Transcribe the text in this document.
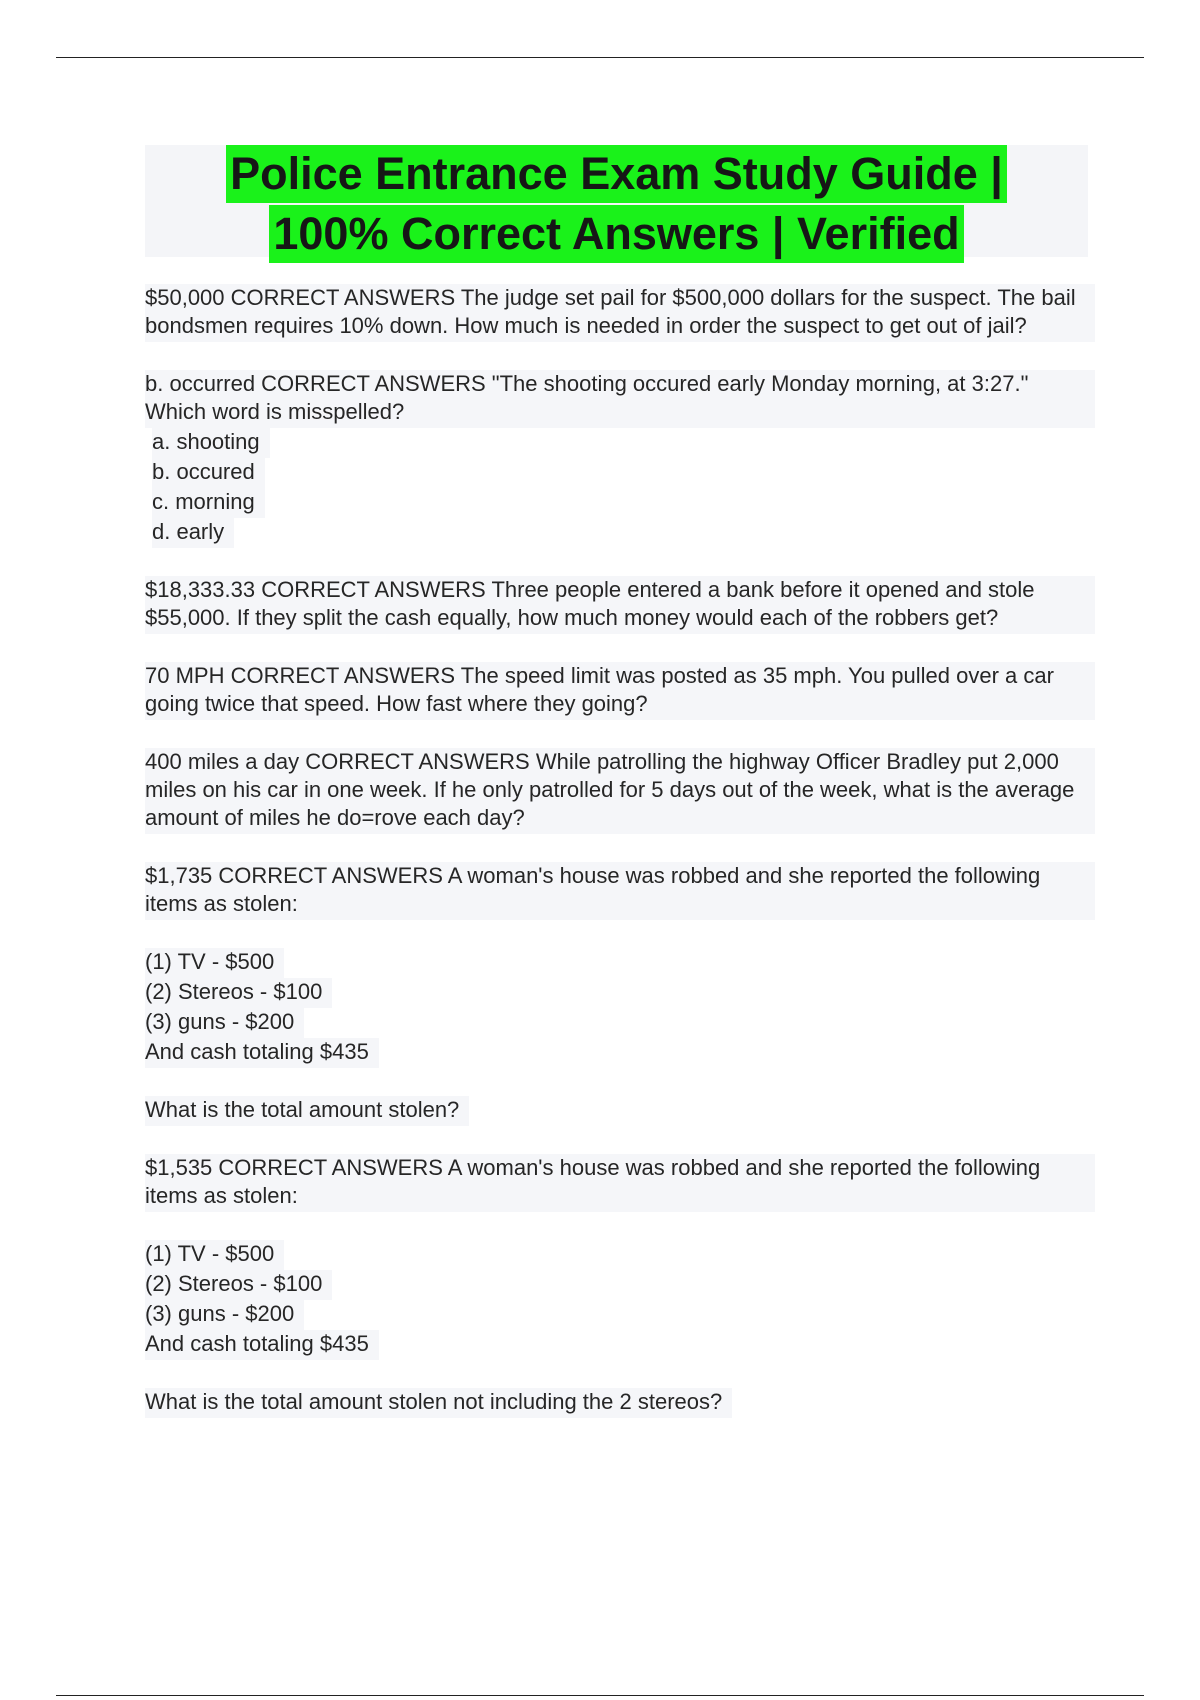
Police Entrance Exam Study Guide |
100% Correct Answers | Verified

$50,000 CORRECT ANSWERS The judge set pail for $500,000 dollars for the suspect. The bail bondsmen requires 10% down. How much is needed in order the suspect to get out of jail?

b. occurred CORRECT ANSWERS "The shooting occured early Monday morning, at 3:27." Which word is misspelled?

a. shooting
b. occured
c. morning
d. early

$18,333.33 CORRECT ANSWERS Three people entered a bank before it opened and stole $55,000. If they split the cash equally, how much money would each of the robbers get?

70 MPH CORRECT ANSWERS The speed limit was posted as 35 mph. You pulled over a car going twice that speed. How fast where they going?

400 miles a day CORRECT ANSWERS While patrolling the highway Officer Bradley put 2,000 miles on his car in one week. If he only patrolled for 5 days out of the week, what is the average amount of miles he do=rove each day?

$1,735 CORRECT ANSWERS A woman's house was robbed and she reported the following items as stolen:

(1) TV - $500
(2) Stereos - $100
(3) guns - $200
And cash totaling $435
What is the total amount stolen?

$1,535 CORRECT ANSWERS A woman's house was robbed and she reported the following items as stolen:

(1) TV - $500
(2) Stereos - $100
(3) guns - $200
And cash totaling $435
What is the total amount stolen not including the 2 stereos?
